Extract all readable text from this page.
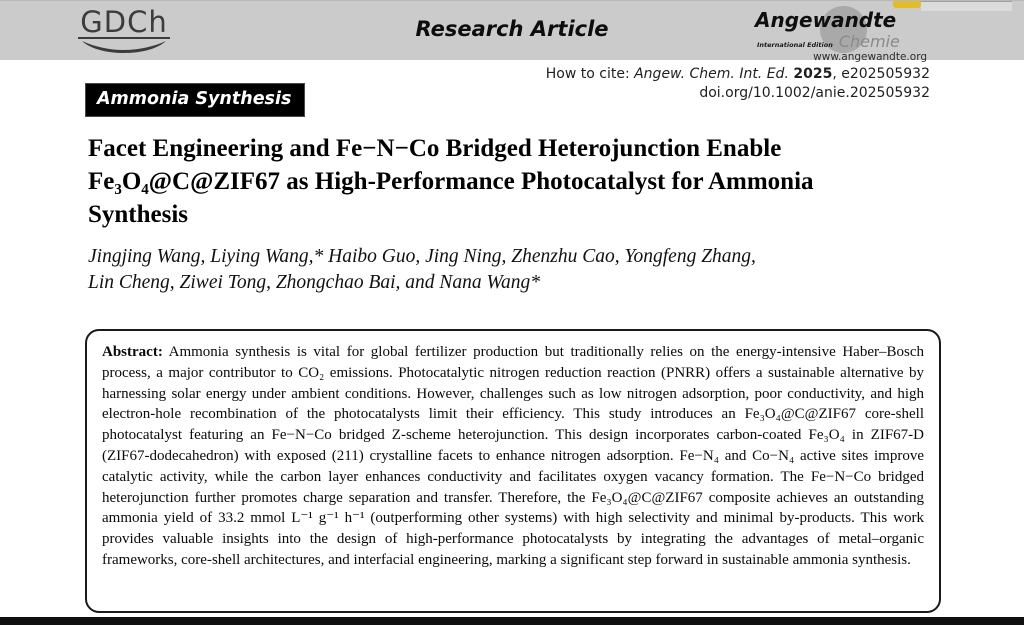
GDCh	Research Article	Angewandte
International Edition Chemie
www.angewandte.org
How to cite: Angew. Chem. Int. Ed. 2025, e202505932
doi.org/10.1002/anie.202505932
Ammonia Synthesis
Facet Engineering and Fe−N−Co Bridged Heterojunction Enable
Fe₃O₄@C@ZIF67 as High-Performance Photocatalyst for Ammonia
Synthesis
Jingjing Wang, Liying Wang,* Haibo Guo, Jing Ning, Zhenzhu Cao, Yongfeng Zhang,
Lin Cheng, Ziwei Tong, Zhongchao Bai, and Nana Wang*

Abstract: Ammonia synthesis is vital for global fertilizer production but traditionally relies on the energy-intensive Haber–Bosch process, a major contributor to CO₂ emissions. Photocatalytic nitrogen reduction reaction (PNRR) offers a sustainable alternative by harnessing solar energy under ambient conditions. However, challenges such as low nitrogen adsorption, poor conductivity, and high electron-hole recombination of the photocatalysts limit their efficiency. This study introduces an Fe₃O₄@C@ZIF67 core-shell photocatalyst featuring an Fe−N−Co bridged Z-scheme heterojunction. This design incorporates carbon-coated Fe₃O₄ in ZIF67-D (ZIF67-dodecahedron) with exposed (211) crystalline facets to enhance nitrogen adsorption. Fe−N₄ and Co−N₄ active sites improve catalytic activity, while the carbon layer enhances conductivity and facilitates oxygen vacancy formation. The Fe−N−Co bridged heterojunction further promotes charge separation and transfer. Therefore, the Fe₃O₄@C@ZIF67 composite achieves an outstanding ammonia yield of 33.2 mmol L⁻¹ g⁻¹ h⁻¹ (outperforming other systems) with high selectivity and minimal by-products. This work provides valuable insights into the design of high-performance photocatalysts by integrating the advantages of metal–organic frameworks, core-shell architectures, and interfacial engineering, marking a significant step forward in sustainable ammonia synthesis.
